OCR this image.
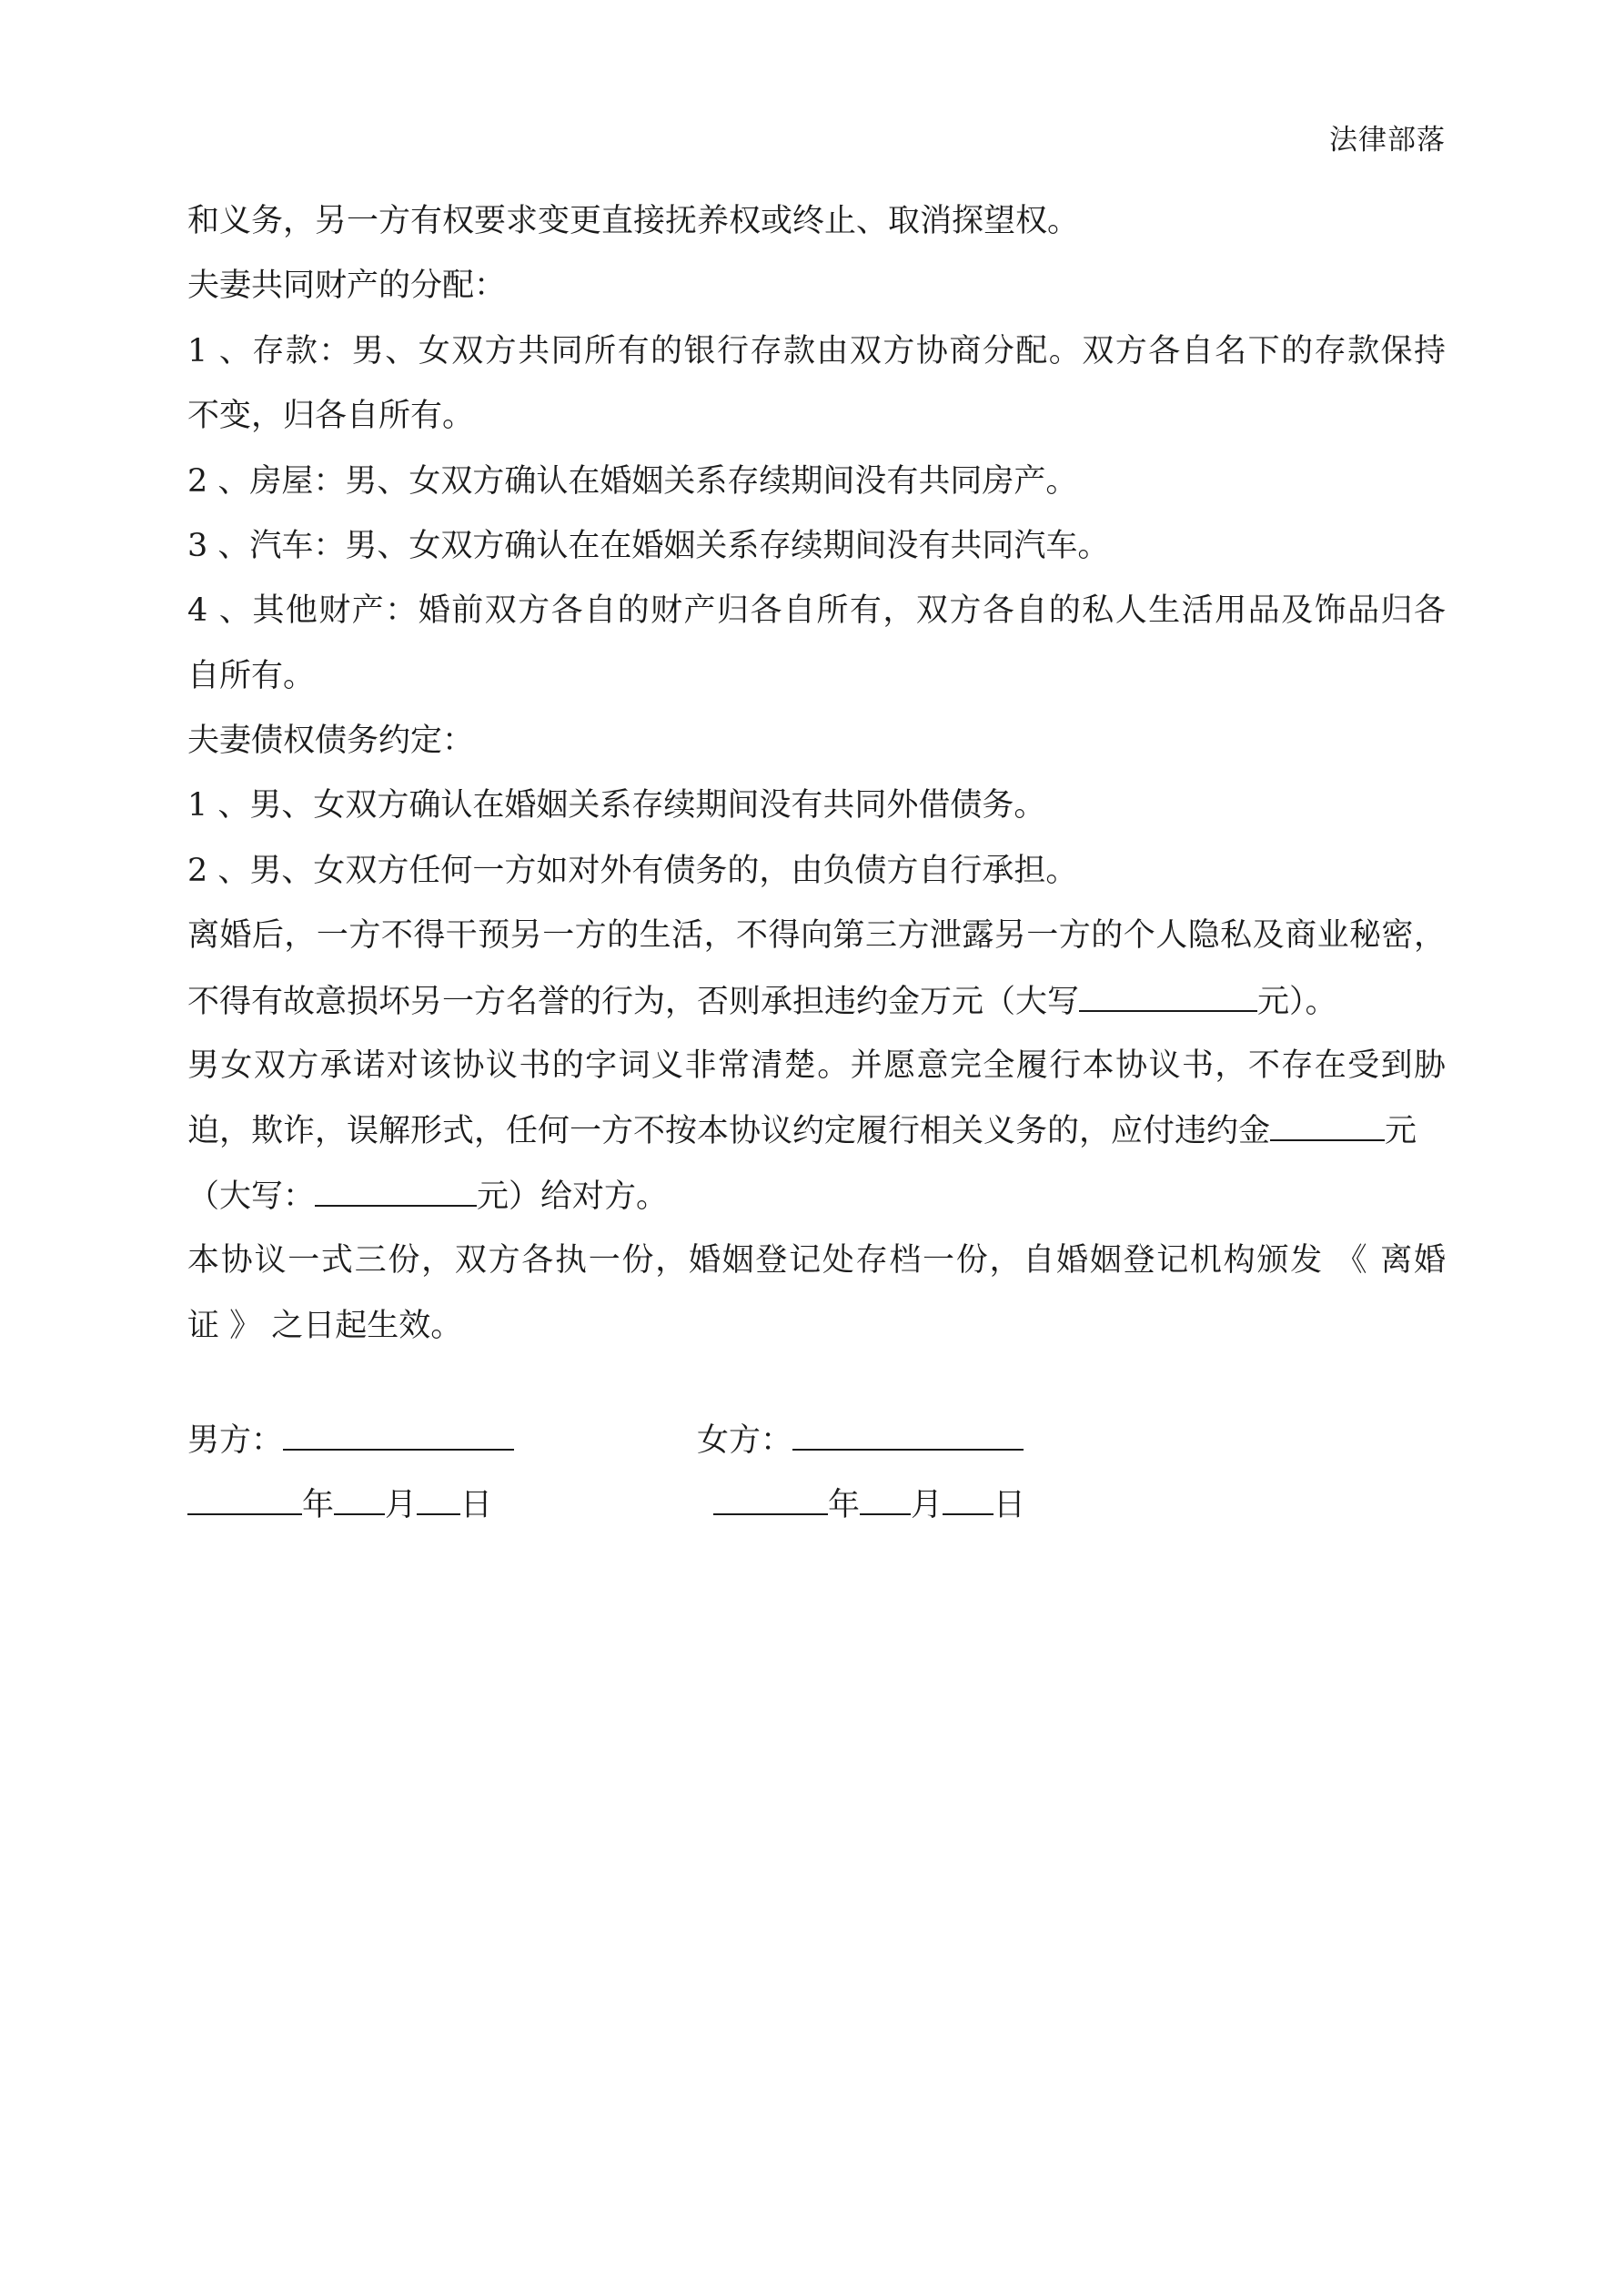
法律部落
和义务，另一方有权要求变更直接抚养权或终止、取消探望权。
夫妻共同财产的分配：
1 、存款：男、女双方共同所有的银行存款由双方协商分配。双方各自名下的存款保持
不变，归各自所有。
2 、房屋：男、女双方确认在婚姻关系存续期间没有共同房产。
3 、汽车：男、女双方确认在在婚姻关系存续期间没有共同汽车。
4 、其他财产：婚前双方各自的财产归各自所有，双方各自的私人生活用品及饰品归各
自所有。
夫妻债权债务约定：
1 、男、女双方确认在婚姻关系存续期间没有共同外借债务。
2 、男、女双方任何一方如对外有债务的，由负债方自行承担。
离婚后，一方不得干预另一方的生活，不得向第三方泄露另一方的个人隐私及商业秘密，
不得有故意损坏另一方名誉的行为，否则承担违约金万元（大写	元）。
男女双方承诺对该协议书的字词义非常清楚。并愿意完全履行本协议书，不存在受到胁
迫，欺诈，误解形式，任何一方不按本协议约定履行相关义务的，应付违约金	元
（大写：	元）给对方。
本协议一式三份，双方各执一份，婚姻登记处存档一份，自婚姻登记机构颁发 《 离婚
证 》 之日起生效。
男方：	女方：
年 月 日	年 月 日
